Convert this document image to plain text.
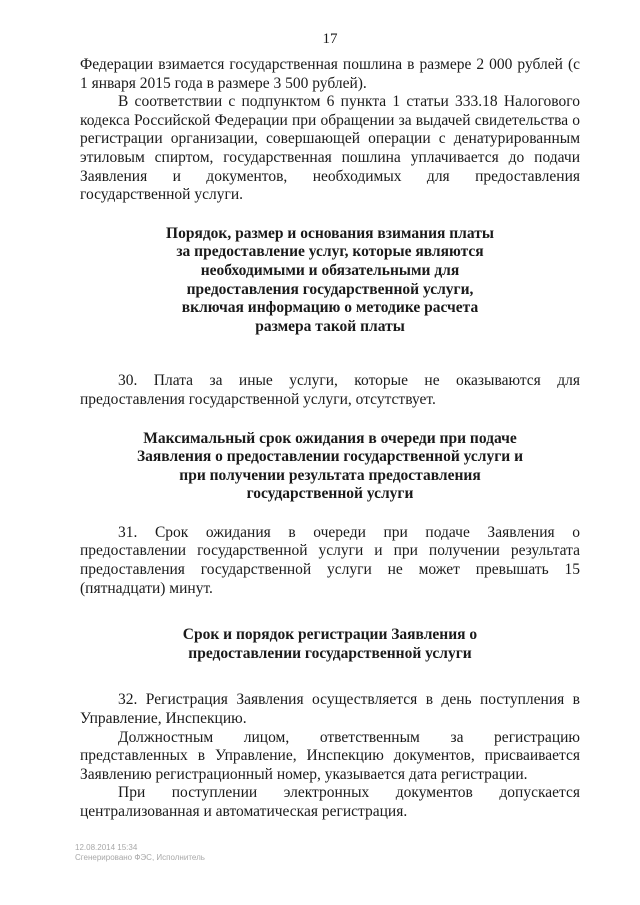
17

Федерации взимается государственная пошлина в размере 2 000 рублей (с 1 января 2015 года в размере 3 500 рублей).

В соответствии с подпунктом 6 пункта 1 статьи 333.18 Налогового кодекса Российской Федерации при обращении за выдачей свидетельства о регистрации организации, совершающей операции с денатурированным этиловым спиртом, государственная пошлина уплачивается до подачи Заявления и документов, необходимых для предоставления государственной услуги.

Порядок, размер и основания взимания платы
за предоставление услуг, которые являются
необходимыми и обязательными для
предоставления государственной услуги,
включая информацию о методике расчета
размера такой платы

30. Плата за иные услуги, которые не оказываются для предоставления государственной услуги, отсутствует.

Максимальный срок ожидания в очереди при подаче
Заявления о предоставлении государственной услуги и
при получении результата предоставления
государственной услуги

31. Срок ожидания в очереди при подаче Заявления о предоставлении государственной услуги и при получении результата предоставления государственной услуги не может превышать 15 (пятнадцати) минут.

Срок и порядок регистрации Заявления о
предоставлении государственной услуги

32. Регистрация Заявления осуществляется в день поступления в Управление, Инспекцию.

Должностным лицом, ответственным за регистрацию представленных в Управление, Инспекцию документов, присваивается Заявлению регистрационный номер, указывается дата регистрации.

При поступлении электронных документов допускается централизованная и автоматическая регистрация.

12.08.2014 15:34
Сгенерировано ФЭС, Исполнитель
